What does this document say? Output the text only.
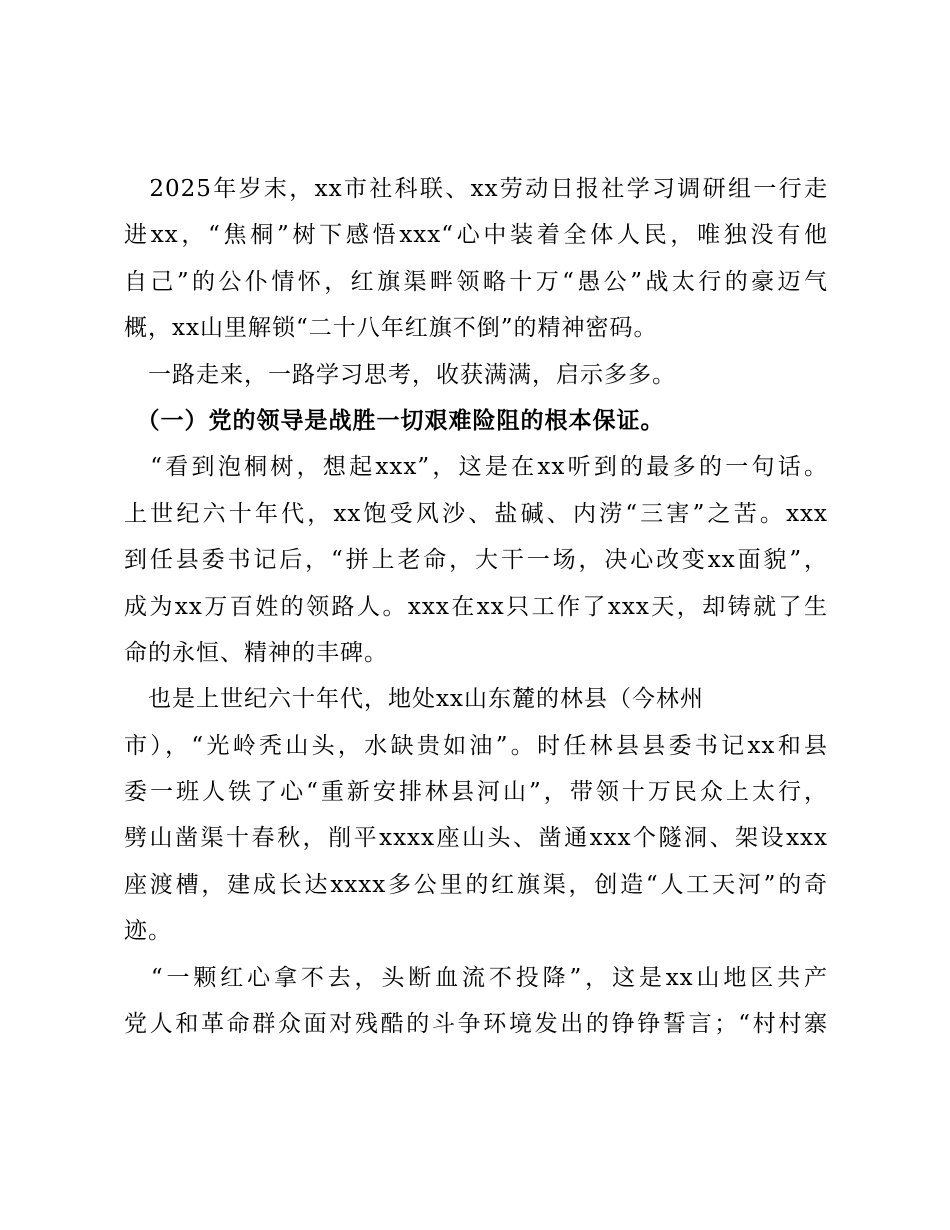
　2025年岁末，xx市社科联、xx劳动日报社学习调研组一行走
进xx，“焦桐”树下感悟xxx“心中装着全体人民，唯独没有他
自己”的公仆情怀，红旗渠畔领略十万“愚公”战太行的豪迈气
概，xx山里解锁“二十八年红旗不倒”的精神密码。
　一路走来，一路学习思考，收获满满，启示多多。
　（一）党的领导是战胜一切艰难险阻的根本保证。
　“看到泡桐树，想起xxx”，这是在xx听到的最多的一句话。
上世纪六十年代，xx饱受风沙、盐碱、内涝“三害”之苦。xxx
到任县委书记后，“拼上老命，大干一场，决心改变xx面貌”，
成为xx万百姓的领路人。xxx在xx只工作了xxx天，却铸就了生
命的永恒、精神的丰碑。
　也是上世纪六十年代，地处xx山东麓的林县（今林州
市），“光岭秃山头，水缺贵如油”。时任林县县委书记xx和县
委一班人铁了心“重新安排林县河山”，带领十万民众上太行，
劈山凿渠十春秋，削平xxxx座山头、凿通xxx个隧洞、架设xxx
座渡槽，建成长达xxxx多公里的红旗渠，创造“人工天河”的奇
迹。
　“一颗红心拿不去，头断血流不投降”，这是xx山地区共产
党人和革命群众面对残酷的斗争环境发出的铮铮誓言；“村村寨
